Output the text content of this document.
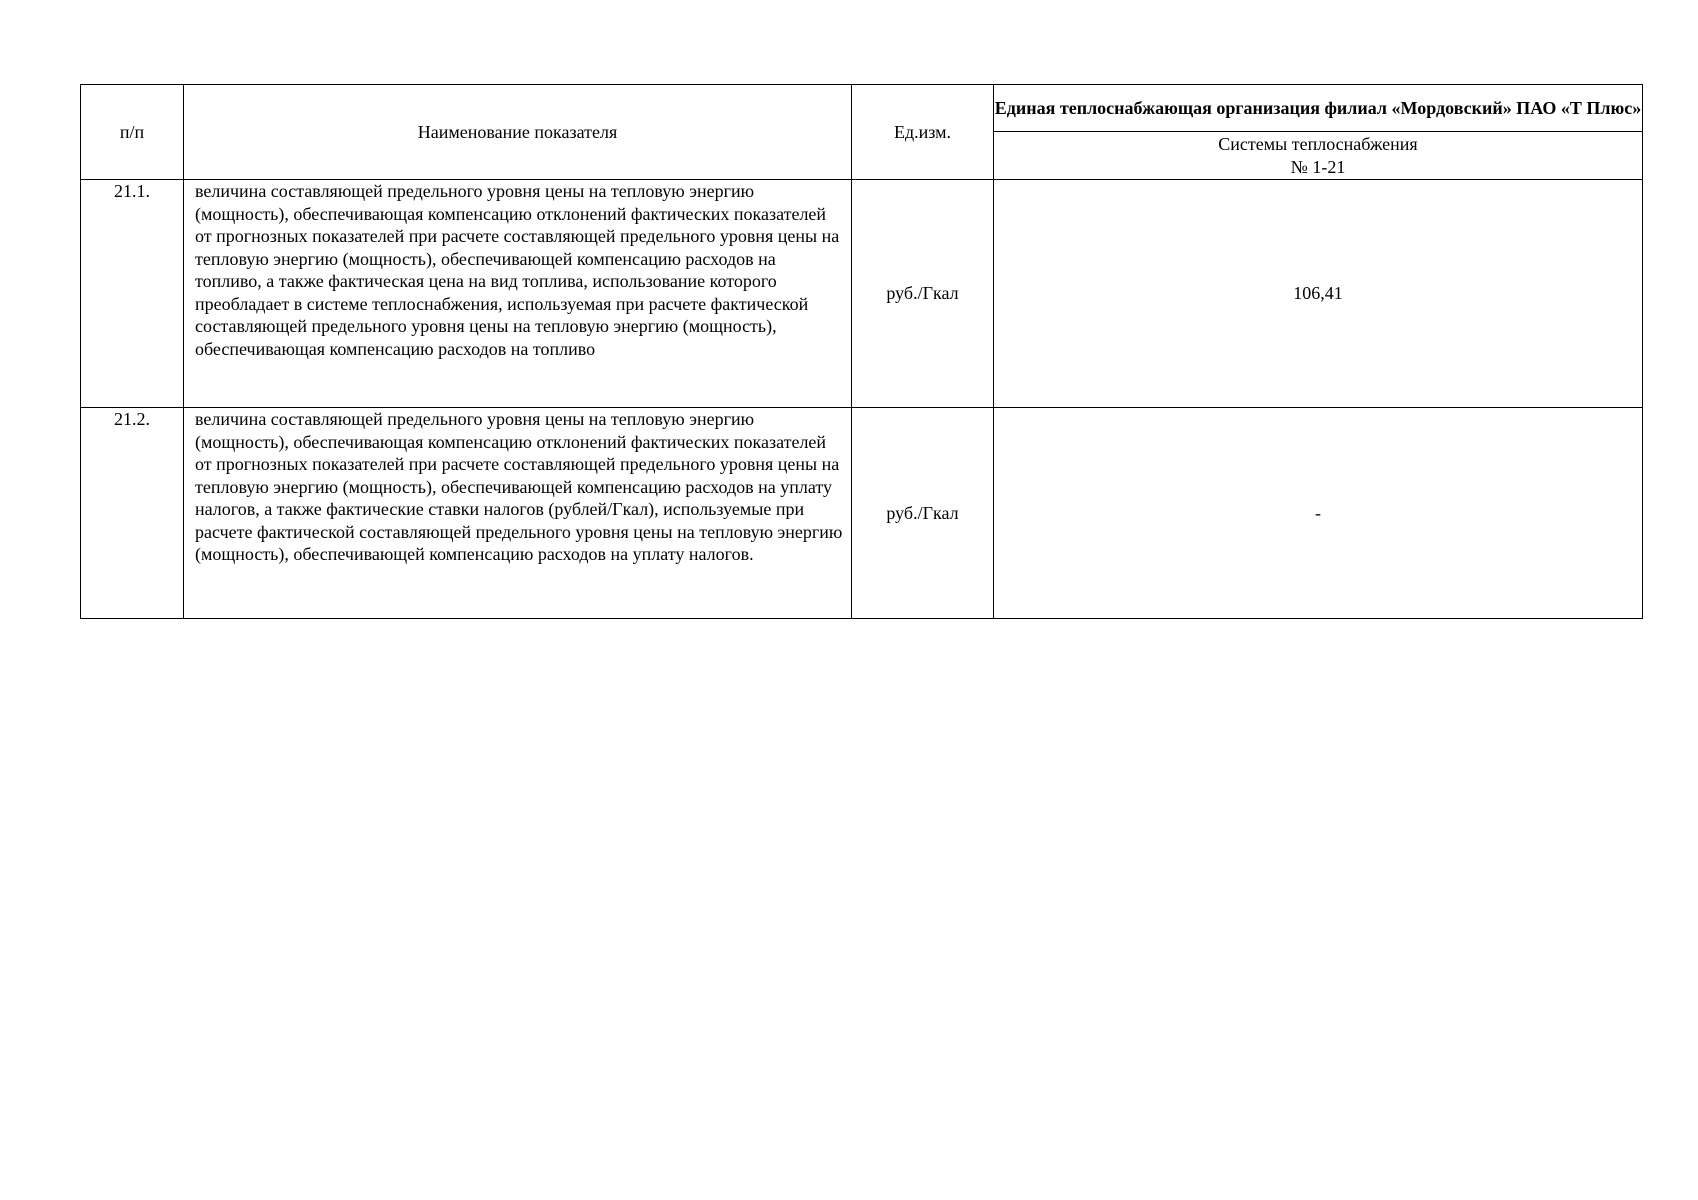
п/п	Наименование показателя	Ед.изм.	Единая теплоснабжающая организация филиал «Мордовский» ПАО «Т Плюс»

			Системы теплоснабжения
№ 1-21

21.1.	величина составляющей предельного уровня цены на тепловую энергию (мощность), обеспечивающая компенсацию отклонений фактических показателей от прогнозных показателей при расчете составляющей предельного уровня цены на тепловую энергию (мощность), обеспечивающей компенсацию расходов на топливо, а также фактическая цена на вид топлива, использование которого преобладает в системе теплоснабжения, используемая при расчете фактической составляющей предельного уровня цены на тепловую энергию (мощность), обеспечивающая компенсацию расходов на топливо	руб./Гкал	106,41
21.2.	величина составляющей предельного уровня цены на тепловую энергию (мощность), обеспечивающая компенсацию отклонений фактических показателей от прогнозных показателей при расчете составляющей предельного уровня цены на тепловую энергию (мощность), обеспечивающей компенсацию расходов на уплату налогов, а также фактические ставки налогов (рублей/Гкал), используемые при расчете фактической составляющей предельного уровня цены на тепловую энергию (мощность), обеспечивающей компенсацию расходов на уплату налогов.	руб./Гкал	-
